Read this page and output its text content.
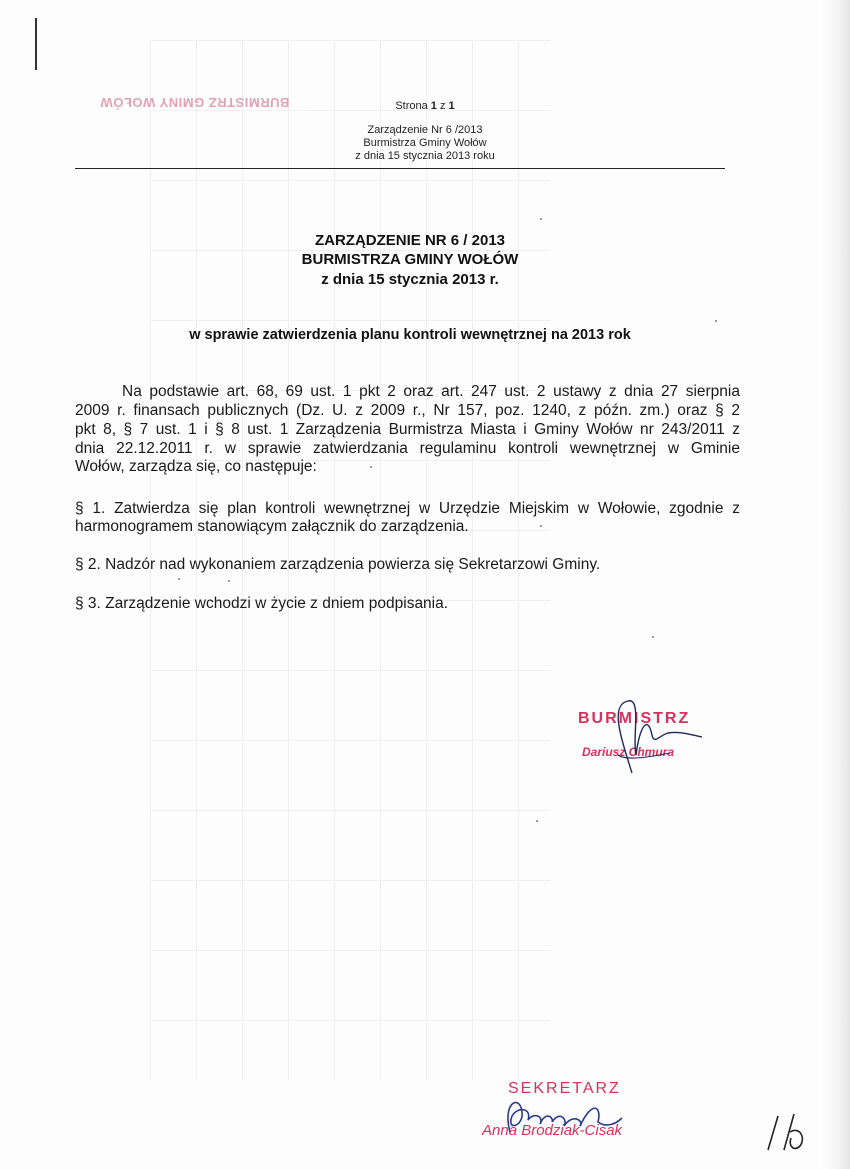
BURMISTRZ GMINY WOŁÓW	Strona 1 z 1
Zarządzenie Nr 6 /2013
Burmistrza Gminy Wołów
z dnia 15 stycznia 2013 roku
ZARZĄDZENIE NR 6 / 2013
BURMISTRZA GMINY WOŁÓW
z dnia 15 stycznia 2013 r.
w sprawie zatwierdzenia planu kontroli wewnętrznej na 2013 rok
Na podstawie art. 68, 69 ust. 1 pkt 2 oraz art. 247 ust. 2 ustawy z dnia 27 sierpnia
2009 r. finansach publicznych (Dz. U. z 2009 r., Nr 157, poz. 1240, z późn. zm.) oraz § 2
pkt 8, § 7 ust. 1 i § 8 ust. 1 Zarządzenia Burmistrza Miasta i Gminy Wołów nr 243/2011 z
dnia 22.12.2011 r. w sprawie zatwierdzania regulaminu kontroli wewnętrznej w Gminie
Wołów, zarządza się, co następuje:
§ 1. Zatwierdza się plan kontroli wewnętrznej w Urzędzie Miejskim w Wołowie, zgodnie z
harmonogramem stanowiącym załącznik do zarządzenia.
§ 2. Nadzór nad wykonaniem zarządzenia powierza się Sekretarzowi Gminy.
§ 3. Zarządzenie wchodzi w życie z dniem podpisania.
BURMISTRZ
Dariusz Chmura
SEKRETARZ
Anna Brodziak-Cisak
